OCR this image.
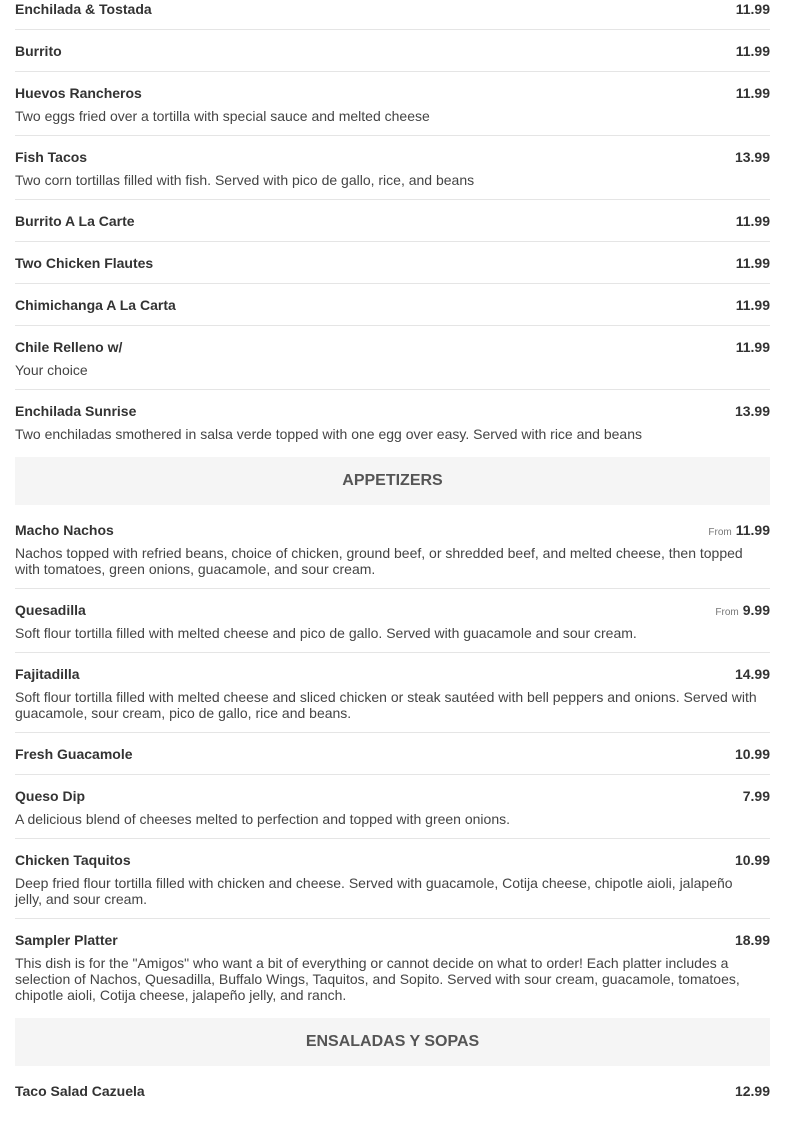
Enchilada & Tostada	11.99
Burrito	11.99
Huevos Rancheros	11.99
Two eggs fried over a tortilla with special sauce and melted cheese
Fish Tacos	13.99
Two corn tortillas filled with fish. Served with pico de gallo, rice, and beans
Burrito A La Carte	11.99
Two Chicken Flautes	11.99
Chimichanga A La Carta	11.99
Chile Relleno w/	11.99
Your choice
Enchilada Sunrise	13.99
Two enchiladas smothered in salsa verde topped with one egg over easy. Served with rice and beans
APPETIZERS
Macho Nachos	From 11.99
Nachos topped with refried beans, choice of chicken, ground beef, or shredded beef, and melted cheese, then topped with tomatoes, green onions, guacamole, and sour cream.
Quesadilla	From 9.99
Soft flour tortilla filled with melted cheese and pico de gallo. Served with guacamole and sour cream.
Fajitadilla	14.99
Soft flour tortilla filled with melted cheese and sliced chicken or steak sautéed with bell peppers and onions. Served with guacamole, sour cream, pico de gallo, rice and beans.
Fresh Guacamole	10.99
Queso Dip	7.99
A delicious blend of cheeses melted to perfection and topped with green onions.
Chicken Taquitos	10.99
Deep fried flour tortilla filled with chicken and cheese. Served with guacamole, Cotija cheese, chipotle aioli, jalapeño jelly, and sour cream.
Sampler Platter	18.99
This dish is for the "Amigos" who want a bit of everything or cannot decide on what to order! Each platter includes a selection of Nachos, Quesadilla, Buffalo Wings, Taquitos, and Sopito. Served with sour cream, guacamole, tomatoes, chipotle aioli, Cotija cheese, jalapeño jelly, and ranch.
ENSALADAS Y SOPAS
Taco Salad Cazuela	12.99
